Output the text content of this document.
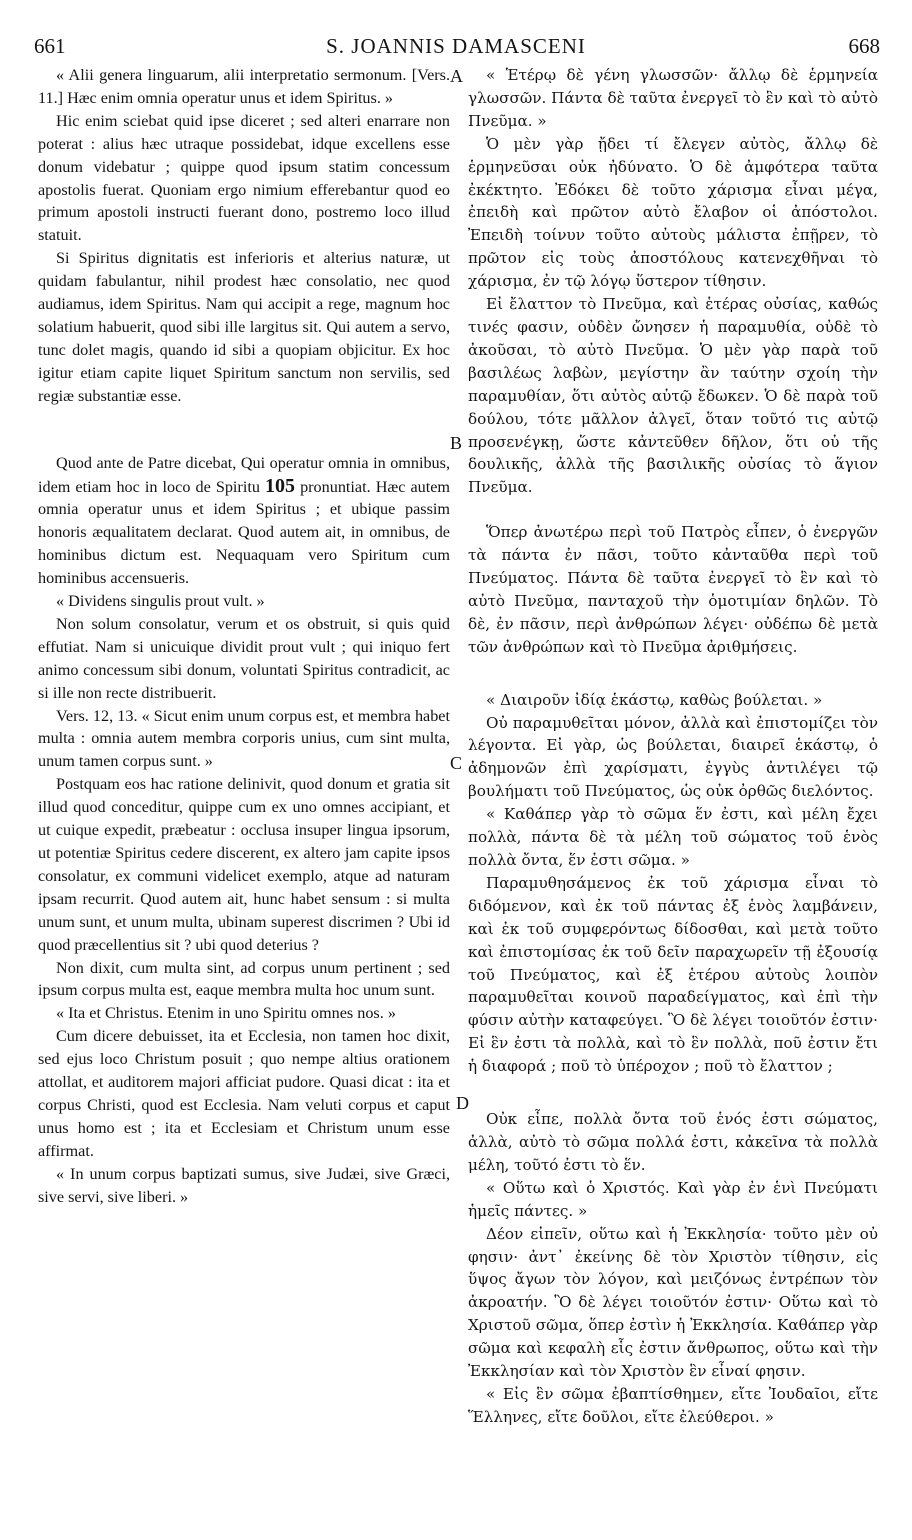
661	S. JOANNIS DAMASCENI	668
A
B
C
D

« Alii genera linguarum, alii interpretatio sermonum. [Vers. 11.] Hæc enim omnia operatur unus et idem Spiritus. »

Hic enim sciebat quid ipse diceret ; sed alteri enarrare non poterat : alius hæc utraque possidebat, idque excellens esse donum videbatur ; quippe quod ipsum statim concessum apostolis fuerat. Quoniam ergo nimium efferebantur quod eo primum apostoli instructi fuerant dono, postremo loco illud statuit.

Si Spiritus dignitatis est inferioris et alterius naturæ, ut quidam fabulantur, nihil prodest hæc consolatio, nec quod audiamus, idem Spiritus. Nam qui accipit a rege, magnum hoc solatium habuerit, quod sibi ille largitus sit. Qui autem a servo, tunc dolet magis, quando id sibi a quopiam objicitur. Ex hoc igitur etiam capite liquet Spiritum sanctum non servilis, sed regiæ substantiæ esse.

Quod ante de Patre dicebat, Qui operatur omnia in omnibus, idem etiam hoc in loco de Spiritu 105 pronuntiat. Hæc autem omnia operatur unus et idem Spiritus ; et ubique passim honoris æqualitatem declarat. Quod autem ait, in omnibus, de hominibus dictum est. Nequaquam vero Spiritum cum hominibus accensueris.

« Dividens singulis prout vult. »

Non solum consolatur, verum et os obstruit, si quis quid effutiat. Nam si unicuique dividit prout vult ; qui iniquo fert animo concessum sibi donum, voluntati Spiritus contradicit, ac si ille non recte distribuerit.

Vers. 12, 13. « Sicut enim unum corpus est, et membra habet multa : omnia autem membra corporis unius, cum sint multa, unum tamen corpus sunt. »

Postquam eos hac ratione delinivit, quod donum et gratia sit illud quod conceditur, quippe cum ex uno omnes accipiant, et ut cuique expedit, præbeatur : occlusa insuper lingua ipsorum, ut potentiæ Spiritus cedere discerent, ex altero jam capite ipsos consolatur, ex communi videlicet exemplo, atque ad naturam ipsam recurrit. Quod autem ait, hunc habet sensum : si multa unum sunt, et unum multa, ubinam superest discrimen ? Ubi id quod præcellentius sit ? ubi quod deterius ?

Non dixit, cum multa sint, ad corpus unum pertinent ; sed ipsum corpus multa est, eaque membra multa hoc unum sunt.

« Ita et Christus. Etenim in uno Spiritu omnes nos. »

Cum dicere debuisset, ita et Ecclesia, non tamen hoc dixit, sed ejus loco Christum posuit ; quo nempe altius orationem attollat, et auditorem majori afficiat pudore. Quasi dicat : ita et corpus Christi, quod est Ecclesia. Nam veluti corpus et caput unus homo est ; ita et Ecclesiam et Christum unum esse affirmat.

« In unum corpus baptizati sumus, sive Judæi, sive Græci, sive servi, sive liberi. »

« Ἑτέρῳ δὲ γένη γλωσσῶν· ἄλλῳ δὲ ἑρμηνεία γλωσσῶν. Πάντα δὲ ταῦτα ἐνεργεῖ τὸ ἓν καὶ τὸ αὐτὸ Πνεῦμα. »

Ὁ μὲν γὰρ ᾔδει τί ἔλεγεν αὐτὸς, ἄλλῳ δὲ ἑρμηνεῦσαι οὐκ ἠδύνατο. Ὁ δὲ ἀμφότερα ταῦτα ἐκέκτητο. Ἐδόκει δὲ τοῦτο χάρισμα εἶναι μέγα, ἐπειδὴ καὶ πρῶτον αὐτὸ ἔλαβον οἱ ἀπόστολοι. Ἐπειδὴ τοίνυν τοῦτο αὐτοὺς μάλιστα ἐπῇρεν, τὸ πρῶτον εἰς τοὺς ἀποστόλους κατενεχθῆναι τὸ χάρισμα, ἐν τῷ λόγῳ ὕστερον τίθησιν.

Εἰ ἔλαττον τὸ Πνεῦμα, καὶ ἑτέρας οὐσίας, καθώς τινές φασιν, οὐδὲν ὤνησεν ἡ παραμυθία, οὐδὲ τὸ ἀκοῦσαι, τὸ αὐτὸ Πνεῦμα. Ὁ μὲν γὰρ παρὰ τοῦ βασιλέως λαβὼν, μεγίστην ἂν ταύτην σχοίη τὴν παραμυθίαν, ὅτι αὐτὸς αὐτῷ ἔδωκεν. Ὁ δὲ παρὰ τοῦ δούλου, τότε μᾶλλον ἀλγεῖ, ὅταν τοῦτό τις αὐτῷ προσενέγκῃ, ὥστε κἀντεῦθεν δῆλον, ὅτι οὐ τῆς δουλικῆς, ἀλλὰ τῆς βασιλικῆς οὐσίας τὸ ἅγιον Πνεῦμα.

Ὅπερ ἀνωτέρω περὶ τοῦ Πατρὸς εἶπεν, ὁ ἐνεργῶν τὰ πάντα ἐν πᾶσι, τοῦτο κἀνταῦθα περὶ τοῦ Πνεύματος. Πάντα δὲ ταῦτα ἐνεργεῖ τὸ ἓν καὶ τὸ αὐτὸ Πνεῦμα, πανταχοῦ τὴν ὁμοτιμίαν δηλῶν. Τὸ δὲ, ἐν πᾶσιν, περὶ ἀνθρώπων λέγει· οὐδέπω δὲ μετὰ τῶν ἀνθρώπων καὶ τὸ Πνεῦμα ἀριθμήσεις.

« Διαιροῦν ἰδίᾳ ἑκάστῳ, καθὼς βούλεται. »

Οὐ παραμυθεῖται μόνον, ἀλλὰ καὶ ἐπιστομίζει τὸν λέγοντα. Εἰ γὰρ, ὡς βούλεται, διαιρεῖ ἑκάστῳ, ὁ ἀδημονῶν ἐπὶ χαρίσματι, ἐγγὺς ἀντιλέγει τῷ βουλήματι τοῦ Πνεύματος, ὡς οὐκ ὀρθῶς διελόντος.

« Καθάπερ γὰρ τὸ σῶμα ἕν ἐστι, καὶ μέλη ἔχει πολλὰ, πάντα δὲ τὰ μέλη τοῦ σώματος τοῦ ἑνὸς πολλὰ ὄντα, ἕν ἐστι σῶμα. »

Παραμυθησάμενος ἐκ τοῦ χάρισμα εἶναι τὸ διδόμενον, καὶ ἐκ τοῦ πάντας ἐξ ἑνὸς λαμβάνειν, καὶ ἐκ τοῦ συμφερόντως δίδοσθαι, καὶ μετὰ τοῦτο καὶ ἐπιστομίσας ἐκ τοῦ δεῖν παραχωρεῖν τῇ ἐξουσίᾳ τοῦ Πνεύματος, καὶ ἐξ ἑτέρου αὐτοὺς λοιπὸν παραμυθεῖται κοινοῦ παραδείγματος, καὶ ἐπὶ τὴν φύσιν αὐτὴν καταφεύγει. Ὃ δὲ λέγει τοιοῦτόν ἐστιν· Εἰ ἓν ἐστι τὰ πολλὰ, καὶ τὸ ἓν πολλὰ, ποῦ ἐστιν ἔτι ἡ διαφορά ; ποῦ τὸ ὑπέροχον ; ποῦ τὸ ἔλαττον ;

Οὐκ εἶπε, πολλὰ ὄντα τοῦ ἑνός ἐστι σώματος, ἀλλὰ, αὐτὸ τὸ σῶμα πολλά ἐστι, κἀκεῖνα τὰ πολλὰ μέλη, τοῦτό ἐστι τὸ ἕν.

« Οὕτω καὶ ὁ Χριστός. Καὶ γὰρ ἐν ἑνὶ Πνεύματι ἡμεῖς πάντες. »

Δέον εἰπεῖν, οὕτω καὶ ἡ Ἐκκλησία· τοῦτο μὲν οὐ φησιν· ἀντ᾽ ἐκείνης δὲ τὸν Χριστὸν τίθησιν, εἰς ὕψος ἄγων τὸν λόγον, καὶ μειζόνως ἐντρέπων τὸν ἀκροατήν. Ὃ δὲ λέγει τοιοῦτόν ἐστιν· Οὕτω καὶ τὸ Χριστοῦ σῶμα, ὅπερ ἐστὶν ἡ Ἐκκλησία. Καθάπερ γὰρ σῶμα καὶ κεφαλὴ εἷς ἐστιν ἄνθρωπος, οὕτω καὶ τὴν Ἐκκλησίαν καὶ τὸν Χριστὸν ἓν εἶναί φησιν.

« Εἰς ἓν σῶμα ἐβαπτίσθημεν, εἴτε Ἰουδαῖοι, εἴτε Ἕλληνες, εἴτε δοῦλοι, εἴτε ἐλεύθεροι. »
